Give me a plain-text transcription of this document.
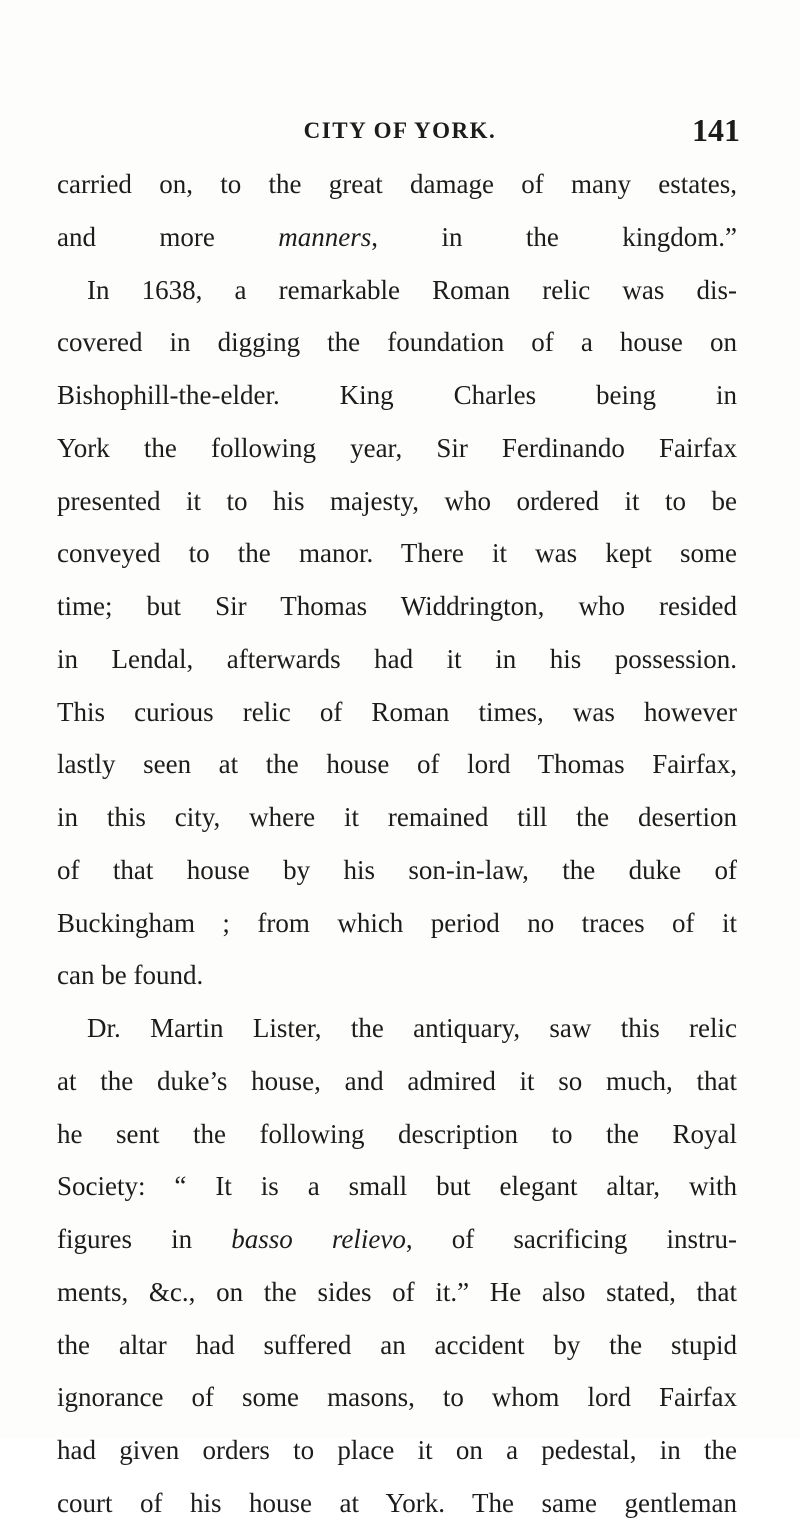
CITY OF YORK.	141
carried on, to the great damage of many estates,
and more manners, in the kingdom.”
In 1638, a remarkable Roman relic was dis-
covered in digging the foundation of a house on
Bishophill-the-elder. King Charles being in
York the following year, Sir Ferdinando Fairfax
presented it to his majesty, who ordered it to be
conveyed to the manor. There it was kept some
time; but Sir Thomas Widdrington, who resided
in Lendal, afterwards had it in his possession.
This curious relic of Roman times, was however
lastly seen at the house of lord Thomas Fairfax,
in this city, where it remained till the desertion
of that house by his son-in-law, the duke of
Buckingham ; from which period no traces of it
can be found.
Dr. Martin Lister, the antiquary, saw this relic
at the duke’s house, and admired it so much, that
he sent the following description to the Royal
Society: “ It is a small but elegant altar, with
figures in basso relievo, of sacrificing instru-
ments, &c., on the sides of it.” He also stated, that
the altar had suffered an accident by the stupid
ignorance of some masons, to whom lord Fairfax
had given orders to place it on a pedestal, in the
court of his house at York. The same gentleman
